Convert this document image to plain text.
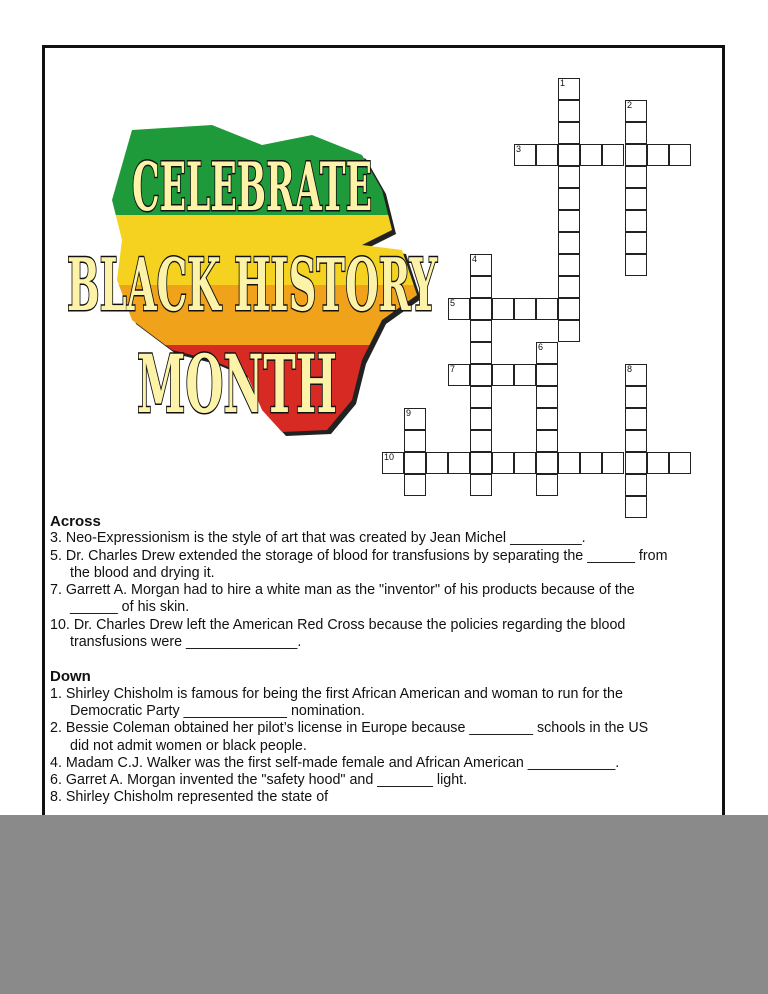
CELEBRATE
BLACK HISTORY
MONTH
1
2
3
4
5
6
7	8
9
10

Across

3. Neo-Expressionism is the style of art that was created by Jean Michel _________.

5. Dr. Charles Drew extended the storage of blood for transfusions by separating the ______ from

the blood and drying it.

7. Garrett A. Morgan had to hire a white man as the "inventor" of his products because of the

______ of his skin.

10. Dr. Charles Drew left the American Red Cross because the policies regarding the blood

transfusions were ______________.

Down

1. Shirley Chisholm is famous for being the first African American and woman to run for the

Democratic Party _____________ nomination.

2. Bessie Coleman obtained her pilot’s license in Europe because ________ schools in the US

did not admit women or black people.

4. Madam C.J. Walker was the first self-made female and African American ___________.

6. Garret A. Morgan invented the "safety hood" and _______ light.

8. Shirley Chisholm represented the state of
